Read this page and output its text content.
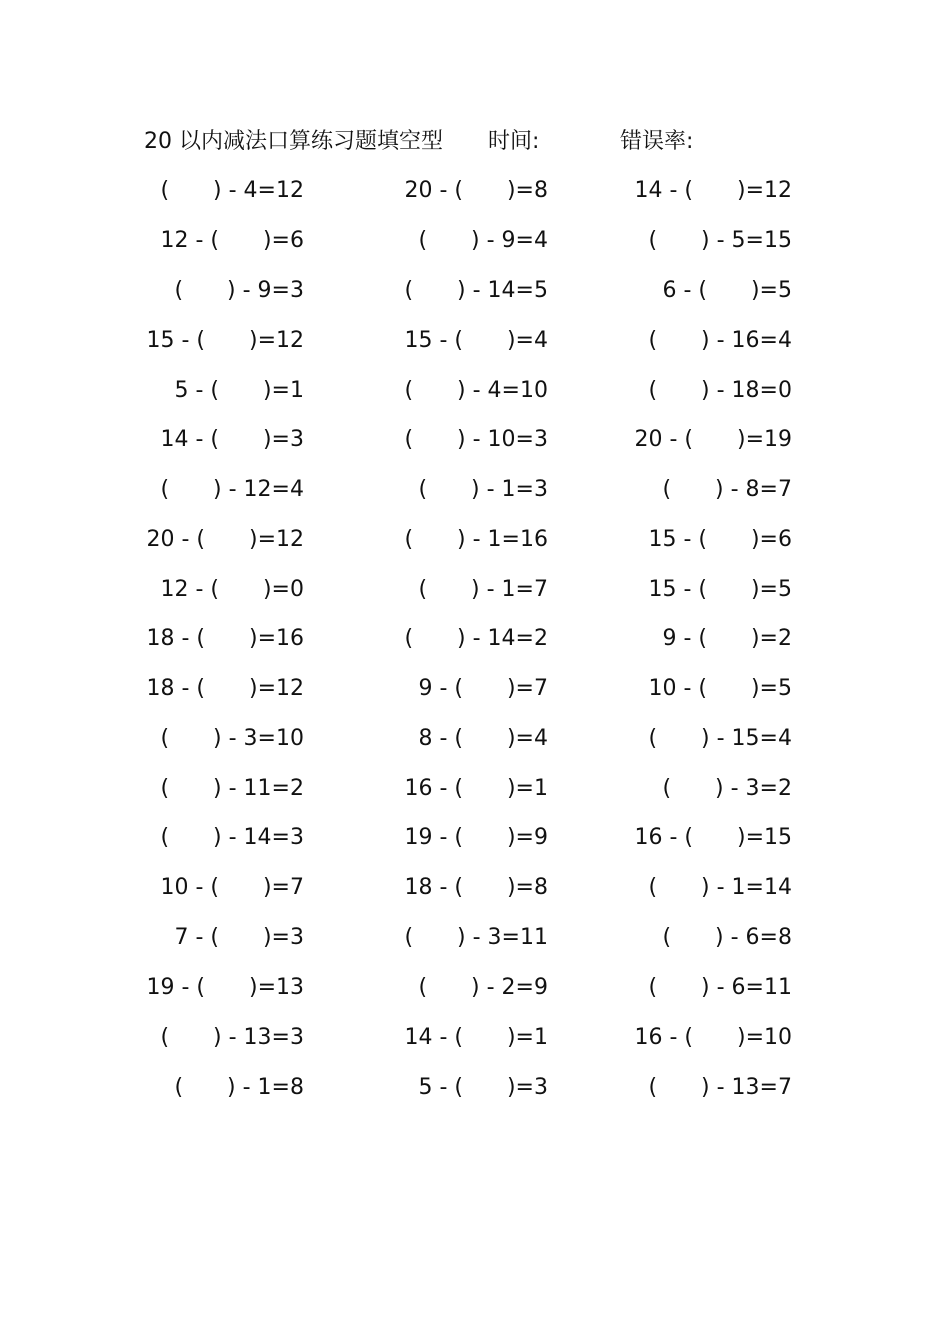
20 以内减法口算练习题填空型 时间:	错误率:
(　　) - 4=12	20 - (　　)=8	14 - (　　)=12
12 - (　　)=6	(　　) - 9=4	(　　) - 5=15
(　　) - 9=3	(　　) - 14=5	6 - (　　)=5
15 - (　　)=12	15 - (　　)=4	(　　) - 16=4
5 - (　　)=1	(　　) - 4=10	(　　) - 18=0
14 - (　　)=3	(　　) - 10=3	20 - (　　)=19
(　　) - 12=4	(　　) - 1=3	(　　) - 8=7
20 - (　　)=12	(　　) - 1=16	15 - (　　)=6
12 - (　　)=0	(　　) - 1=7	15 - (　　)=5
18 - (　　)=16	(　　) - 14=2	9 - (　　)=2
18 - (　　)=12	9 - (　　)=7	10 - (　　)=5
(　　) - 3=10	8 - (　　)=4	(　　) - 15=4
(　　) - 11=2	16 - (　　)=1	(　　) - 3=2
(　　) - 14=3	19 - (　　)=9	16 - (　　)=15
10 - (　　)=7	18 - (　　)=8	(　　) - 1=14
7 - (　　)=3	(　　) - 3=11	(　　) - 6=8
19 - (　　)=13	(　　) - 2=9	(　　) - 6=11
(　　) - 13=3	14 - (　　)=1	16 - (　　)=10
(　　) - 1=8	5 - (　　)=3	(　　) - 13=7
